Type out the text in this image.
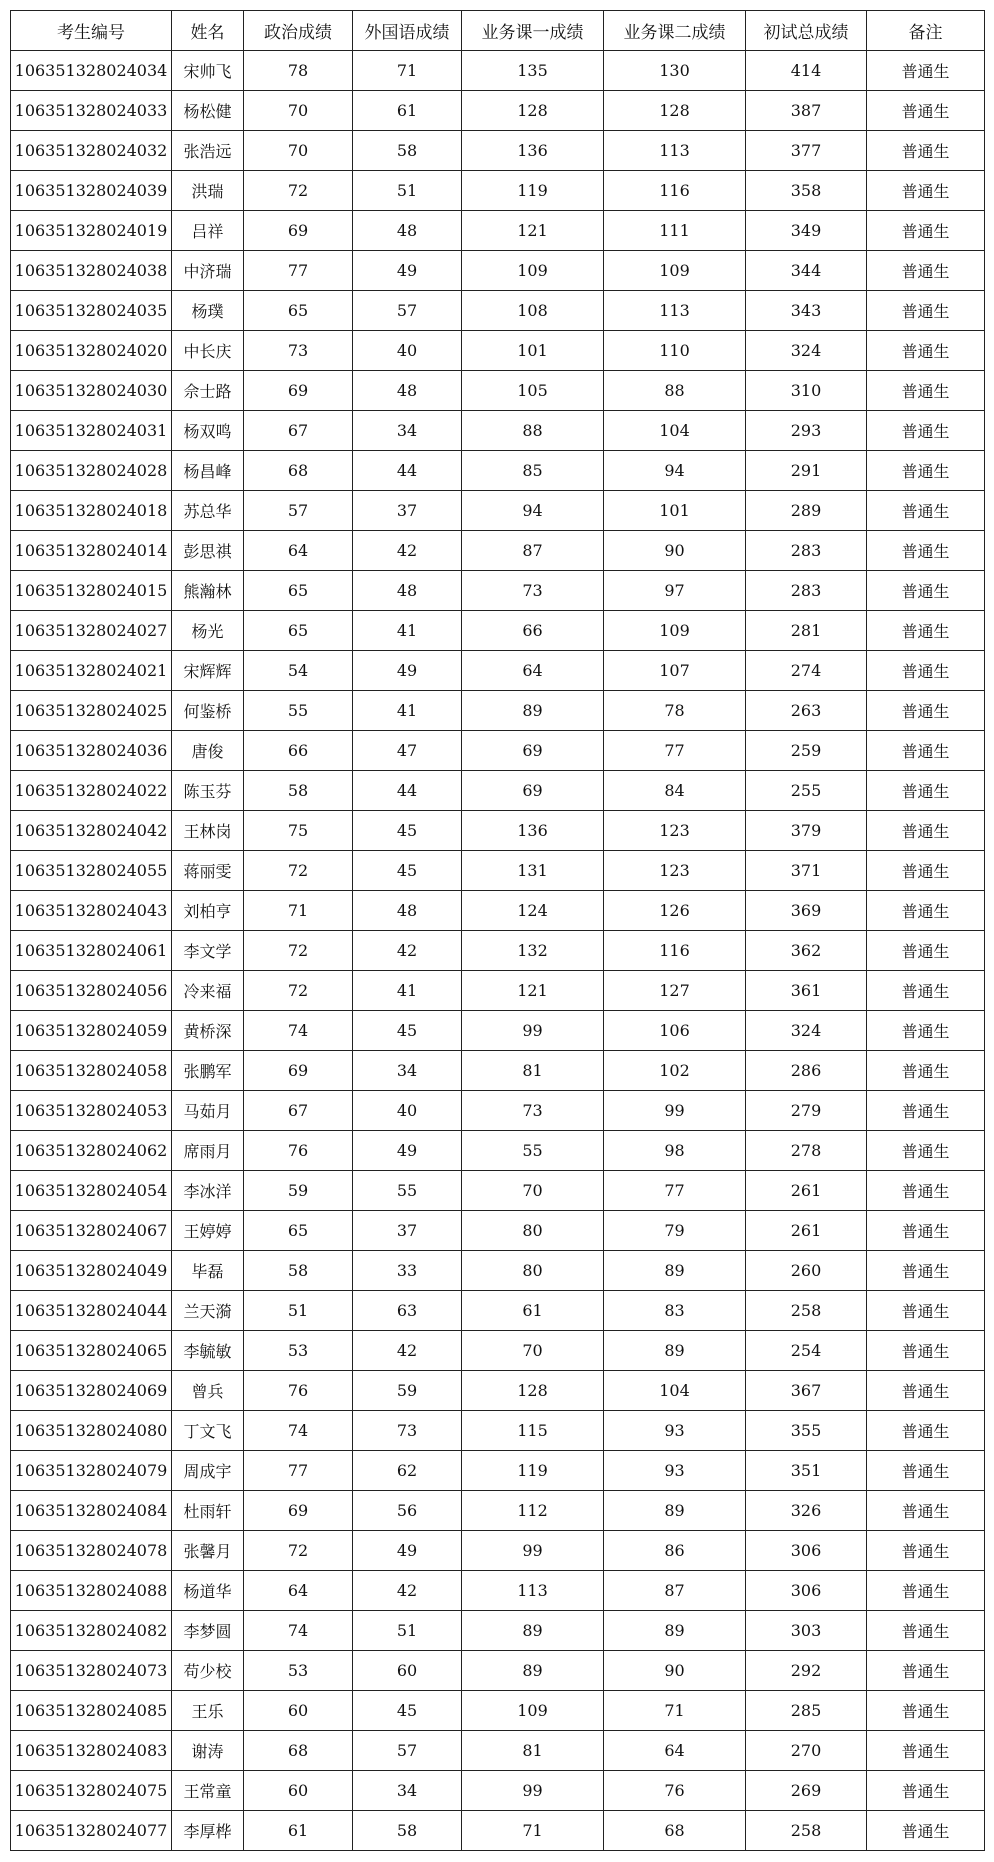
考生编号	姓名	政治成绩	外国语成绩	业务课一成绩	业务课二成绩	初试总成绩	备注
106351328024034	宋帅飞	78	71	135	130	414	普通生
106351328024033	杨松健	70	61	128	128	387	普通生
106351328024032	张浩远	70	58	136	113	377	普通生
106351328024039	洪瑞	72	51	119	116	358	普通生
106351328024019	吕祥	69	48	121	111	349	普通生
106351328024038	中济瑞	77	49	109	109	344	普通生
106351328024035	杨璞	65	57	108	113	343	普通生
106351328024020	中长庆	73	40	101	110	324	普通生
106351328024030	佘士路	69	48	105	88	310	普通生
106351328024031	杨双鸣	67	34	88	104	293	普通生
106351328024028	杨昌峰	68	44	85	94	291	普通生
106351328024018	苏总华	57	37	94	101	289	普通生
106351328024014	彭思祺	64	42	87	90	283	普通生
106351328024015	熊瀚林	65	48	73	97	283	普通生
106351328024027	杨光	65	41	66	109	281	普通生
106351328024021	宋辉辉	54	49	64	107	274	普通生
106351328024025	何鉴桥	55	41	89	78	263	普通生
106351328024036	唐俊	66	47	69	77	259	普通生
106351328024022	陈玉芬	58	44	69	84	255	普通生
106351328024042	王林岗	75	45	136	123	379	普通生
106351328024055	蒋丽雯	72	45	131	123	371	普通生
106351328024043	刘柏亨	71	48	124	126	369	普通生
106351328024061	李文学	72	42	132	116	362	普通生
106351328024056	冷来福	72	41	121	127	361	普通生
106351328024059	黄桥深	74	45	99	106	324	普通生
106351328024058	张鹏军	69	34	81	102	286	普通生
106351328024053	马茹月	67	40	73	99	279	普通生
106351328024062	席雨月	76	49	55	98	278	普通生
106351328024054	李冰洋	59	55	70	77	261	普通生
106351328024067	王婷婷	65	37	80	79	261	普通生
106351328024049	毕磊	58	33	80	89	260	普通生
106351328024044	兰天漪	51	63	61	83	258	普通生
106351328024065	李毓敏	53	42	70	89	254	普通生
106351328024069	曾兵	76	59	128	104	367	普通生
106351328024080	丁文飞	74	73	115	93	355	普通生
106351328024079	周成宇	77	62	119	93	351	普通生
106351328024084	杜雨轩	69	56	112	89	326	普通生
106351328024078	张馨月	72	49	99	86	306	普通生
106351328024088	杨道华	64	42	113	87	306	普通生
106351328024082	李梦圆	74	51	89	89	303	普通生
106351328024073	苟少校	53	60	89	90	292	普通生
106351328024085	王乐	60	45	109	71	285	普通生
106351328024083	谢涛	68	57	81	64	270	普通生
106351328024075	王常童	60	34	99	76	269	普通生
106351328024077	李厚桦	61	58	71	68	258	普通生
